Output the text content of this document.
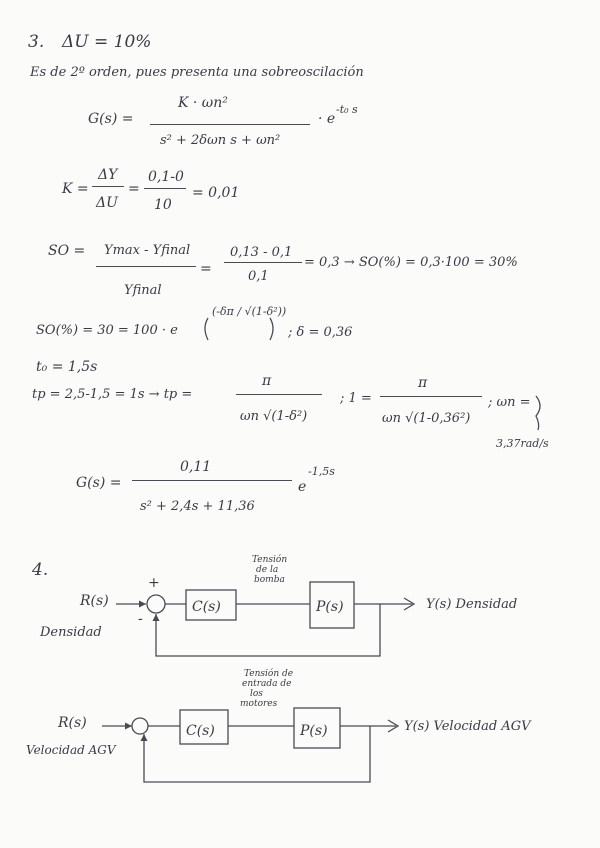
3. ΔU = 10%
Es de 2º orden, pues presenta una sobreoscilación
G(s) =
K · ωn²
s² + 2δωn s + ωn²
· e
-t₀ s
K =
ΔY
ΔU
=
0,1-0
10
= 0,01
SO = Ymax - Yfinal
Yfinal
=
0,13 - 0,1
0,1
= 0,3 → SO(%) = 0,3·100 = 30%
SO(%) = 30 = 100 · e
(-δπ / √(1-δ²))
; δ = 0,36
t₀ = 1,5s
tp = 2,5-1,5 = 1s → tp =
π
ωn √(1-δ²)
; 1 =
π
ωn √(1-0,36²)
; ωn =
3,37rad/s
G(s) =
0,11
s² + 2,4s + 11,36
e
-1,5s
4.
R(s)
Densidad
+
-
C(s)
Tensión
de la
bomba
P(s)	Y(s) Densidad
R(s)
Velocidad AGV
C(s)
Tensión de
entrada de
los
motores
P(s)	Y(s) Velocidad AGV
